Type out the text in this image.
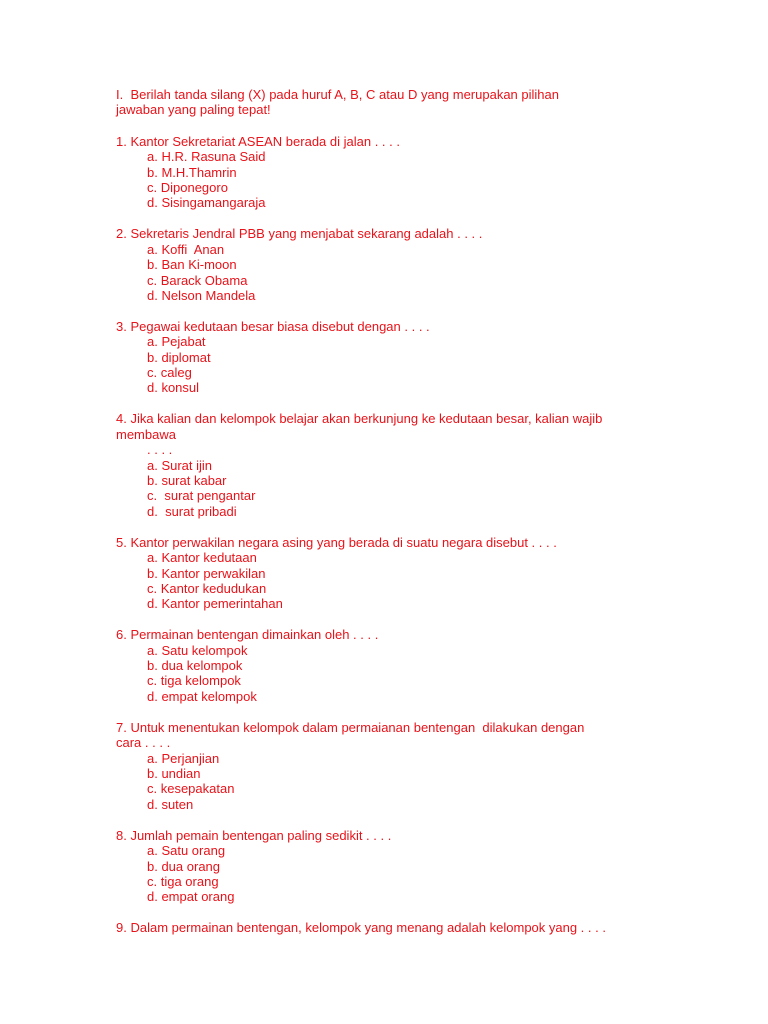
I.  Berilah tanda silang (X) pada huruf A, B, C atau D yang merupakan pilihan
jawaban yang paling tepat!
1. Kantor Sekretariat ASEAN berada di jalan . . . .
a. H.R. Rasuna Said
b. M.H.Thamrin
c. Diponegoro
d. Sisingamangaraja
2. Sekretaris Jendral PBB yang menjabat sekarang adalah . . . .
a. Koffi  Anan
b. Ban Ki-moon
c. Barack Obama
d. Nelson Mandela
3. Pegawai kedutaan besar biasa disebut dengan . . . .
a. Pejabat
b. diplomat
c. caleg
d. konsul
4. Jika kalian dan kelompok belajar akan berkunjung ke kedutaan besar, kalian wajib
membawa
. . . .
a. Surat ijin
b. surat kabar
c.  surat pengantar
d.  surat pribadi
5. Kantor perwakilan negara asing yang berada di suatu negara disebut . . . .
a. Kantor kedutaan
b. Kantor perwakilan
c. Kantor kedudukan
d. Kantor pemerintahan
6. Permainan bentengan dimainkan oleh . . . .
a. Satu kelompok
b. dua kelompok
c. tiga kelompok
d. empat kelompok
7. Untuk menentukan kelompok dalam permaianan bentengan  dilakukan dengan
cara . . . .
a. Perjanjian
b. undian
c. kesepakatan
d. suten
8. Jumlah pemain bentengan paling sedikit . . . .
a. Satu orang
b. dua orang
c. tiga orang
d. empat orang
9. Dalam permainan bentengan, kelompok yang menang adalah kelompok yang . . . .
